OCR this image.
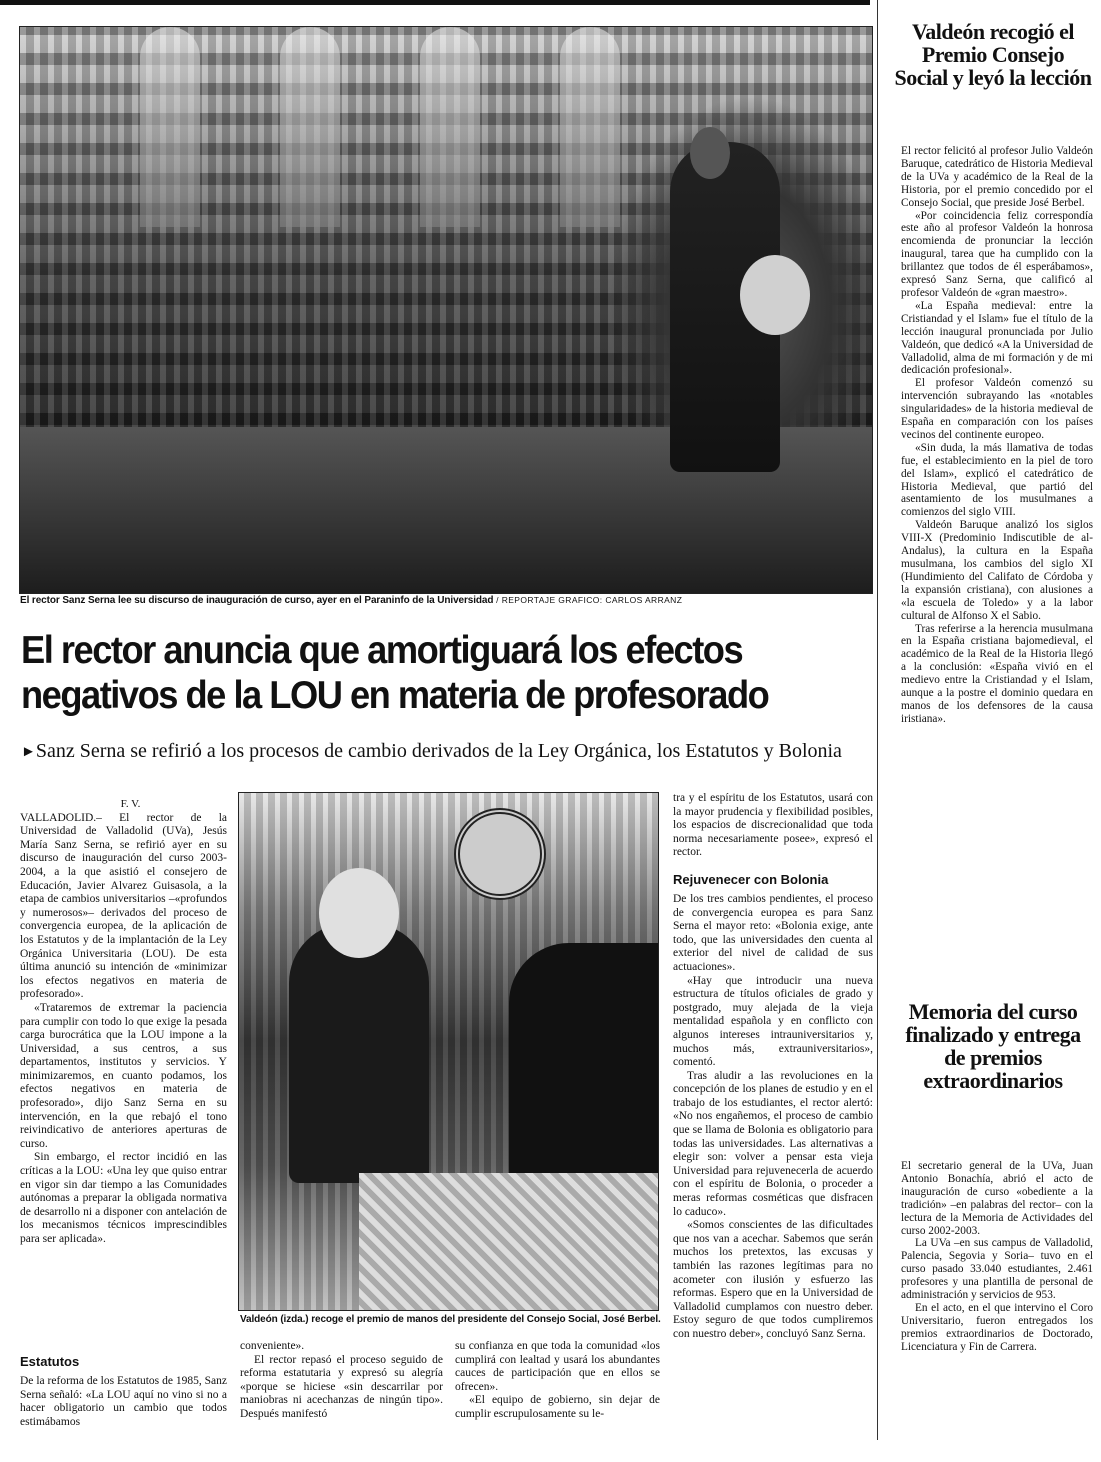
El rector Sanz Serna lee su discurso de inauguración de curso, ayer en el Paraninfo de la Universidad / REPORTAJE GRAFICO: CARLOS ARRANZ
El rector anuncia que amortiguará los efectos negativos de la LOU en materia de profesorado
►Sanz Serna se refirió a los procesos de cambio derivados de la Ley Orgánica, los Estatutos y Bolonia

F. V.

VALLADOLID.– El rector de la Universidad de Valladolid (UVa), Jesús María Sanz Serna, se refirió ayer en su discurso de inauguración del curso 2003-2004, a la que asistió el consejero de Educación, Javier Alvarez Guisasola, a la etapa de cambios universitarios –«profundos y numerosos»– derivados del proceso de convergencia europea, de la aplicación de los Estatutos y de la implantación de la Ley Orgánica Universitaria (LOU). De esta última anunció su intención de «minimizar los efectos negativos en materia de profesorado».

«Trataremos de extremar la paciencia para cumplir con todo lo que exige la pesada carga burocrática que la LOU impone a la Universidad, a sus centros, a sus departamentos, institutos y servicios. Y minimizaremos, en cuanto podamos, los efectos negativos en materia de profesorado», dijo Sanz Serna en su intervención, en la que rebajó el tono reivindicativo de anteriores aperturas de curso.

Sin embargo, el rector incidió en las críticas a la LOU: «Una ley que quiso entrar en vigor sin dar tiempo a las Comunidades autónomas a preparar la obligada normativa de desarrollo ni a disponer con antelación de los mecanismos técnicos imprescindibles para ser aplicada».

Estatutos

De la reforma de los Estatutos de 1985, Sanz Serna señaló: «La LOU aquí no vino si no a hacer obligatorio un cambio que todos estimábamos

Valdeón (izda.) recoge el premio de manos del presidente del Consejo Social, José Berbel.

conveniente».

El rector repasó el proceso seguido de reforma estatutaria y expresó su alegría «porque se hiciese «sin descarrilar por maniobras ni acechanzas de ningún tipo». Después manifestó

su confianza en que toda la comunidad «los cumplirá con lealtad y usará los abundantes cauces de participación que en ellos se ofrecen».

«El equipo de gobierno, sin dejar de cumplir escrupulosamente su le-

tra y el espíritu de los Estatutos, usará con la mayor prudencia y flexibilidad posibles, los espacios de discrecionalidad que toda norma necesariamente posee», expresó el rector.

Rejuvenecer con Bolonia

De los tres cambios pendientes, el proceso de convergencia europea es para Sanz Serna el mayor reto: «Bolonia exige, ante todo, que las universidades den cuenta al exterior del nivel de calidad de sus actuaciones».

«Hay que introducir una nueva estructura de títulos oficiales de grado y postgrado, muy alejada de la vieja mentalidad española y en conflicto con algunos intereses intrauniversitarios y, muchos más, extrauniversitarios», comentó.

Tras aludir a las revoluciones en la concepción de los planes de estudio y en el trabajo de los estudiantes, el rector alertó: «No nos engañemos, el proceso de cambio que se llama de Bolonia es obligatorio para todas las universidades. Las alternativas a elegir son: volver a pensar esta vieja Universidad para rejuvenecerla de acuerdo con el espíritu de Bolonia, o proceder a meras reformas cosméticas que disfracen lo caduco».

«Somos conscientes de las dificultades que nos van a acechar. Sabemos que serán muchos los pretextos, las excusas y también las razones legítimas para no acometer con ilusión y esfuerzo las reformas. Espero que en la Universidad de Valladolid cumplamos con nuestro deber. Estoy seguro de que todos cumpliremos con nuestro deber», concluyó Sanz Serna.

Valdeón recogió el Premio Consejo Social y leyó la lección

El rector felicitó al profesor Julio Valdeón Baruque, catedrático de Historia Medieval de la UVa y académico de la Real de la Historia, por el premio concedido por el Consejo Social, que preside José Berbel.

«Por coincidencia feliz correspondía este año al profesor Valdeón la honrosa encomienda de pronunciar la lección inaugural, tarea que ha cumplido con la brillantez que todos de él esperábamos», expresó Sanz Serna, que calificó al profesor Valdeón de «gran maestro».

«La España medieval: entre la Cristiandad y el Islam» fue el título de la lección inaugural pronunciada por Julio Valdeón, que dedicó «A la Universidad de Valladolid, alma de mi formación y de mi dedicación profesional».

El profesor Valdeón comenzó su intervención subrayando las «notables singularidades» de la historia medieval de España en comparación con los países vecinos del continente europeo.

«Sin duda, la más llamativa de todas fue, el establecimiento en la piel de toro del Islam», explicó el catedrático de Historia Medieval, que partió del asentamiento de los musulmanes a comienzos del siglo VIII.

Valdeón Baruque analizó los siglos VIII-X (Predominio Indiscutible de al-Andalus), la cultura en la España musulmana, los cambios del siglo XI (Hundimiento del Califato de Córdoba y la expansión cristiana), con alusiones a «la escuela de Toledo» y a la labor cultural de Alfonso X el Sabio.

Tras referirse a la herencia musulmana en la España cristiana bajomedieval, el académico de la Real de la Historia llegó a la conclusión: «España vivió en el medievo entre la Cristiandad y el Islam, aunque a la postre el dominio quedara en manos de los defensores de la causa iristiana».

Memoria del curso finalizado y entrega de premios extraordinarios

El secretario general de la UVa, Juan Antonio Bonachía, abrió el acto de inauguración de curso «obediente a la tradición» –en palabras del rector– con la lectura de la Memoria de Actividades del curso 2002-2003.

La UVa –en sus campus de Valladolid, Palencia, Segovia y Soria– tuvo en el curso pasado 33.040 estudiantes, 2.461 profesores y una plantilla de personal de administración y servicios de 953.

En el acto, en el que intervino el Coro Universitario, fueron entregados los premios extraordinarios de Doctorado, Licenciatura y Fin de Carrera.
